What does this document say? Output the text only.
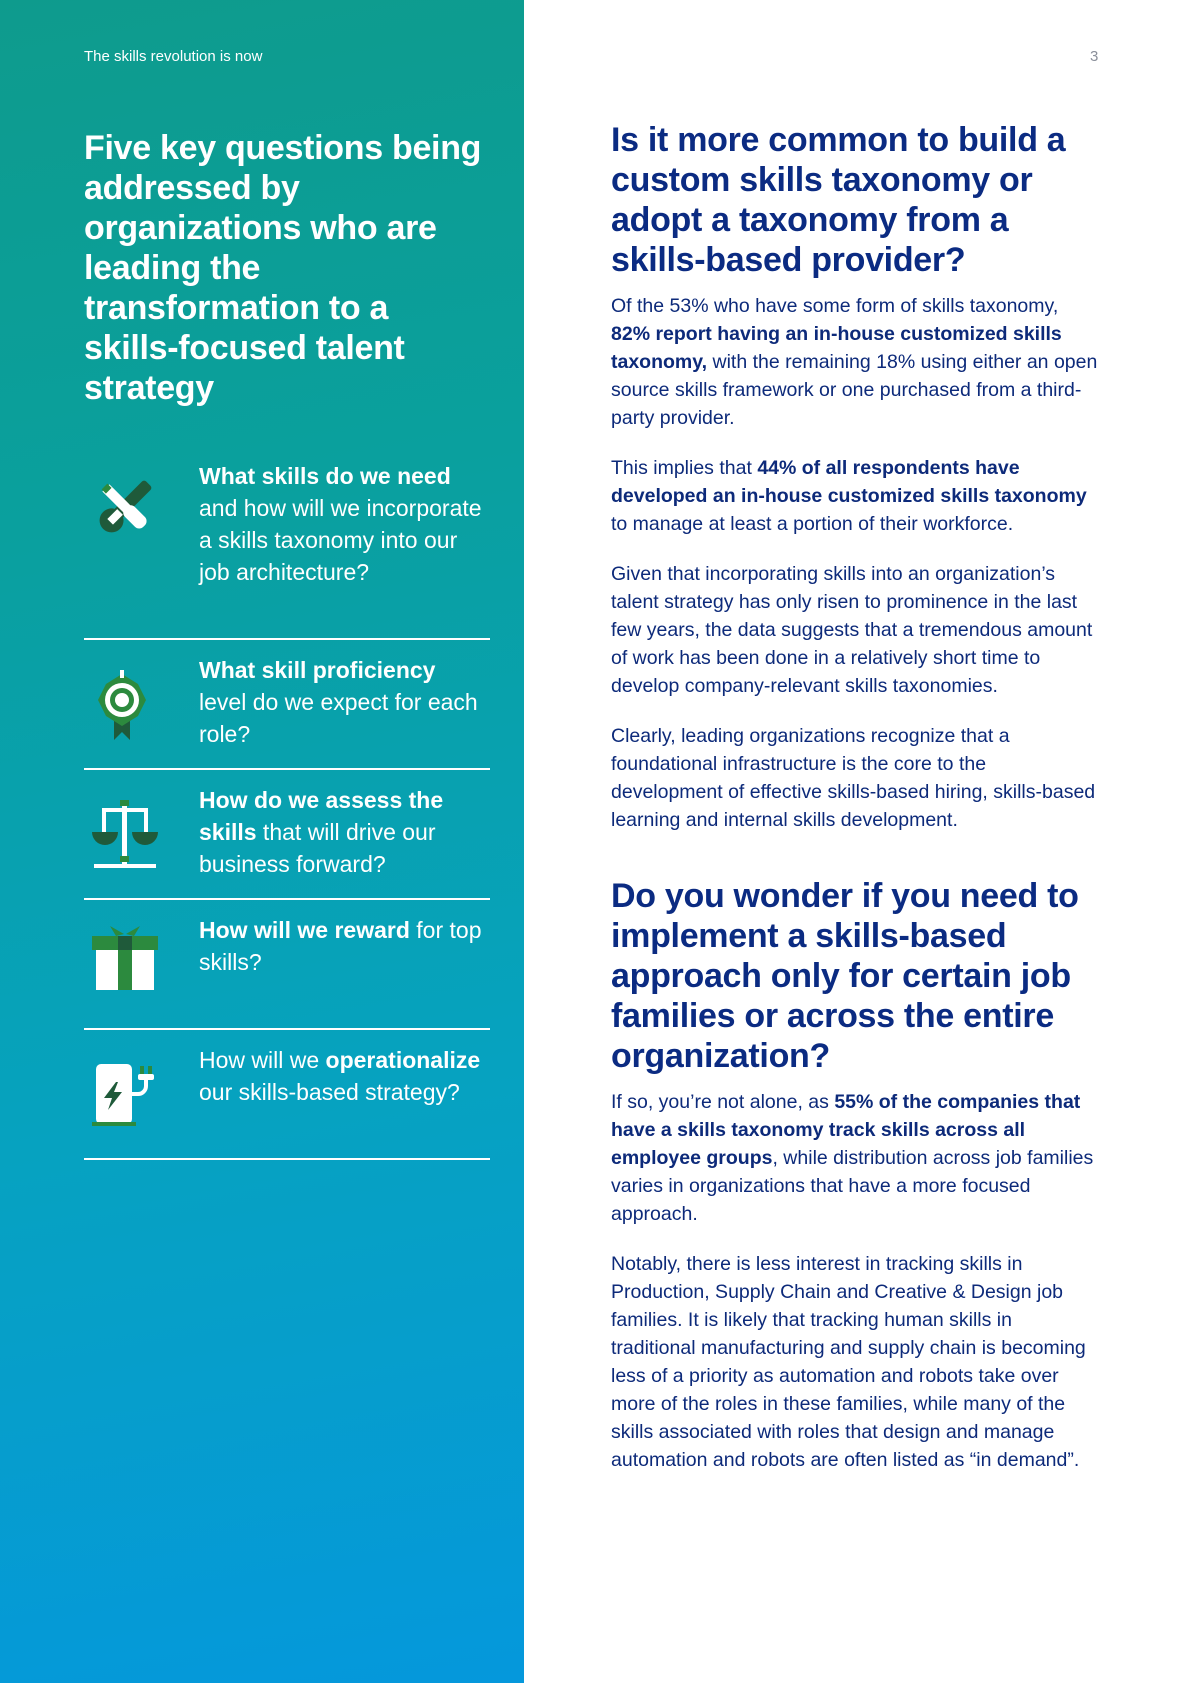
The skills revolution is now
Five key questions being addressed by organizations who are leading the transformation to a skills-focused talent strategy
What skills do we need and how will we incorporate a skills taxonomy into our job architecture?
What skill proficiency level do we expect for each role?
How do we assess the skills that will drive our business forward?
How will we reward for top skills?
How will we operationalize our skills-based strategy?
3
Is it more common to build a custom skills taxonomy or adopt a taxonomy from a skills-based provider?

Of the 53% who have some form of skills taxonomy, 82% report having an in-house customized skills taxonomy, with the remaining 18% using either an open source skills framework or one purchased from a third-party provider.

This implies that 44% of all respondents have developed an in-house customized skills taxonomy to manage at least a portion of their workforce.

Given that incorporating skills into an organization’s talent strategy has only risen to prominence in the last few years, the data suggests that a tremendous amount of work has been done in a relatively short time to develop company-relevant skills taxonomies.

Clearly, leading organizations recognize that a foundational infrastructure is the core to the development of effective skills-based hiring, skills-based learning and internal skills development.

Do you wonder if you need to implement a skills-based approach only for certain job families or across the entire organization?

If so, you’re not alone, as 55% of the companies that have a skills taxonomy track skills across all employee groups, while distribution across job families varies in organizations that have a more focused approach.

Notably, there is less interest in tracking skills in Production, Supply Chain and Creative & Design job families. It is likely that tracking human skills in traditional manufacturing and supply chain is becoming less of a priority as automation and robots take over more of the roles in these families, while many of the skills associated with roles that design and manage automation and robots are often listed as “in demand”.
